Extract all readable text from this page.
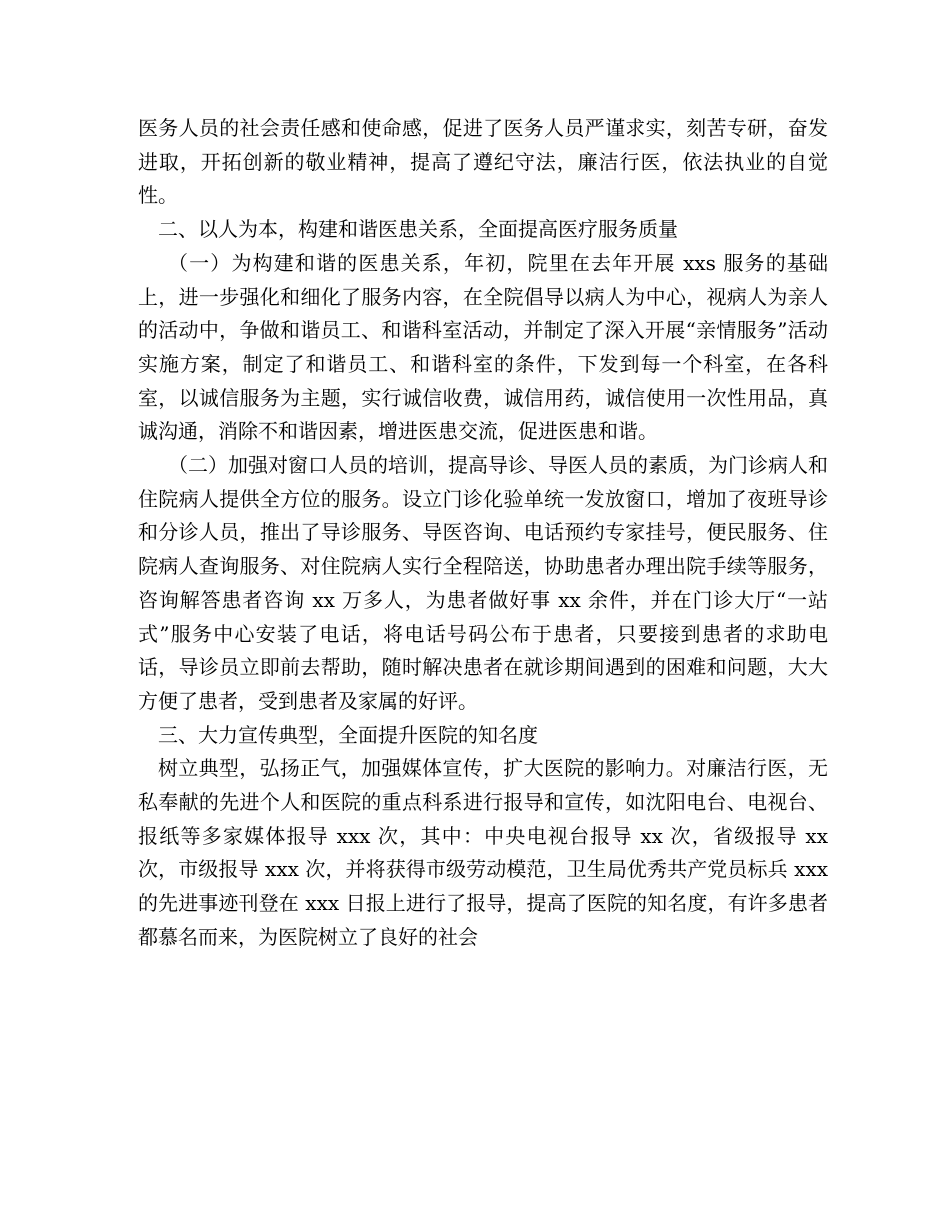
医务人员的社会责任感和使命感，促进了医务人员严谨求实，刻苦专研，奋发进取，开拓创新的敬业精神，提高了遵纪守法，廉洁行医，依法执业的自觉性。

二、以人为本，构建和谐医患关系，全面提高医疗服务质量

（一）为构建和谐的医患关系，年初，院里在去年开展 xxs 服务的基础上，进一步强化和细化了服务内容，在全院倡导以病人为中心，视病人为亲人的活动中，争做和谐员工、和谐科室活动，并制定了深入开展“亲情服务”活动实施方案，制定了和谐员工、和谐科室的条件，下发到每一个科室，在各科室，以诚信服务为主题，实行诚信收费，诚信用药，诚信使用一次性用品，真诚沟通，消除不和谐因素，增进医患交流，促进医患和谐。

（二）加强对窗口人员的培训，提高导诊、导医人员的素质，为门诊病人和住院病人提供全方位的服务。设立门诊化验单统一发放窗口，增加了夜班导诊和分诊人员，推出了导诊服务、导医咨询、电话预约专家挂号，便民服务、住院病人查询服务、对住院病人实行全程陪送，协助患者办理出院手续等服务，咨询解答患者咨询 xx 万多人，为患者做好事 xx 余件，并在门诊大厅“一站式”服务中心安装了电话，将电话号码公布于患者，只要接到患者的求助电话，导诊员立即前去帮助，随时解决患者在就诊期间遇到的困难和问题，大大方便了患者，受到患者及家属的好评。

三、大力宣传典型，全面提升医院的知名度

树立典型，弘扬正气，加强媒体宣传，扩大医院的影响力。对廉洁行医，无私奉献的先进个人和医院的重点科系进行报导和宣传，如沈阳电台、电视台、报纸等多家媒体报导 xxx 次，其中：中央电视台报导 xx 次，省级报导 xx 次，市级报导 xxx 次，并将获得市级劳动模范，卫生局优秀共产党员标兵 xxx 的先进事迹刊登在 xxx 日报上进行了报导，提高了医院的知名度，有许多患者都慕名而来，为医院树立了良好的社会
